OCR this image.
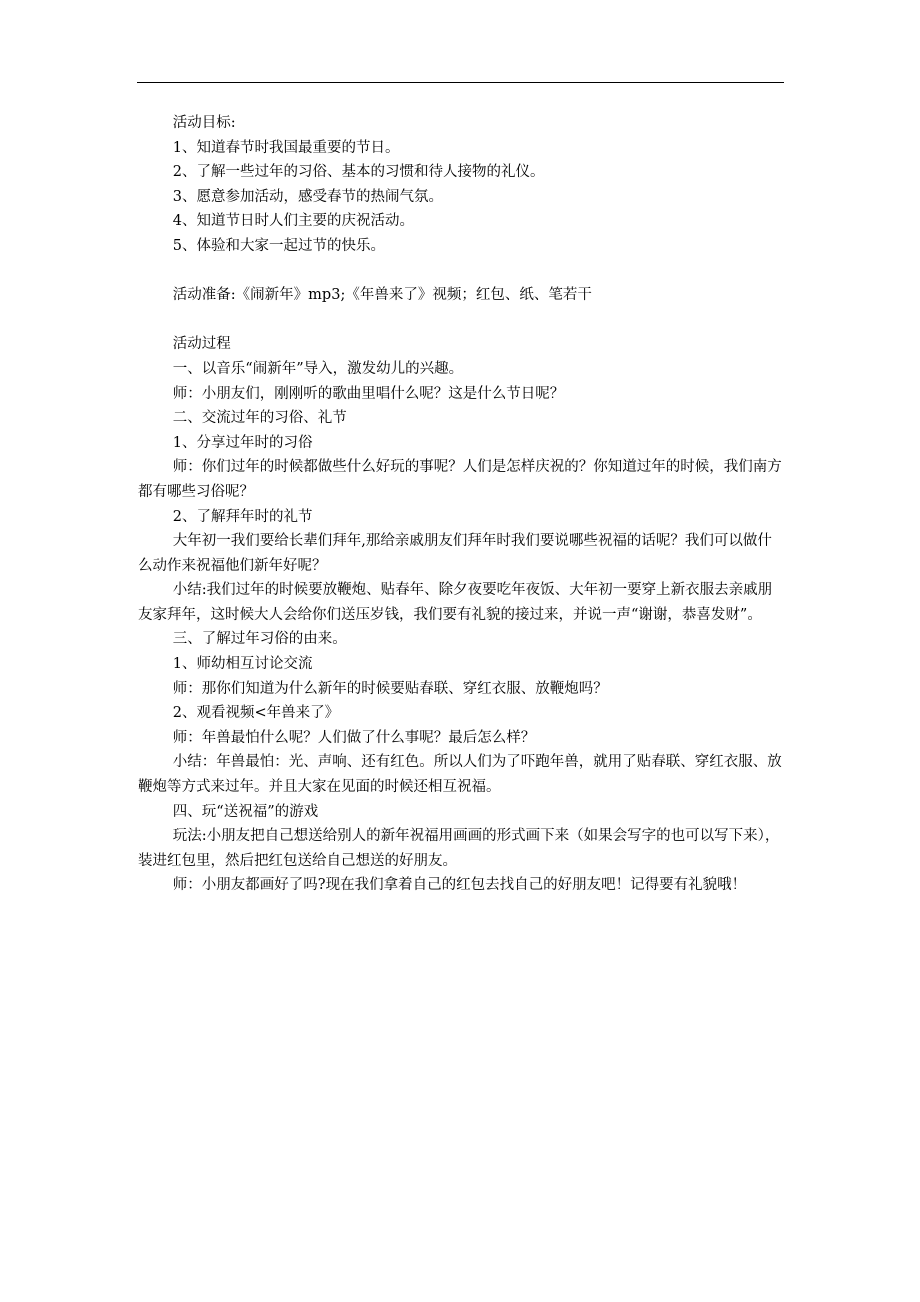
活动目标:

1、知道春节时我国最重要的节日。

2、了解一些过年的习俗、基本的习惯和待人接物的礼仪。

3、愿意参加活动，感受春节的热闹气氛。

4、知道节日时人们主要的庆祝活动。

5、体验和大家一起过节的快乐。

活动准备:《闹新年》mp3;《年兽来了》视频；红包、纸、笔若干

活动过程

一、以音乐“闹新年”导入，激发幼儿的兴趣。

师：小朋友们，刚刚听的歌曲里唱什么呢？这是什么节日呢？

二、交流过年的习俗、礼节

1、分享过年时的习俗

师：你们过年的时候都做些什么好玩的事呢？人们是怎样庆祝的？你知道过年的时候，我们南方都有哪些习俗呢？

2、了解拜年时的礼节

大年初一我们要给长辈们拜年,那给亲戚朋友们拜年时我们要说哪些祝福的话呢？我们可以做什么动作来祝福他们新年好呢？

小结:我们过年的时候要放鞭炮、贴春年、除夕夜要吃年夜饭、大年初一要穿上新衣服去亲戚朋友家拜年，这时候大人会给你们送压岁钱，我们要有礼貌的接过来，并说一声“谢谢，恭喜发财”。

三、了解过年习俗的由来。

1、师幼相互讨论交流

师：那你们知道为什么新年的时候要贴春联、穿红衣服、放鞭炮吗？

2、观看视频<年兽来了》

师：年兽最怕什么呢？人们做了什么事呢？最后怎么样？

小结：年兽最怕：光、声响、还有红色。所以人们为了吓跑年兽，就用了贴春联、穿红衣服、放鞭炮等方式来过年。并且大家在见面的时候还相互祝福。

四、玩“送祝福”的游戏

玩法:小朋友把自己想送给别人的新年祝福用画画的形式画下来（如果会写字的也可以写下来），装进红包里，然后把红包送给自己想送的好朋友。

师：小朋友都画好了吗?现在我们拿着自己的红包去找自己的好朋友吧！记得要有礼貌哦！
